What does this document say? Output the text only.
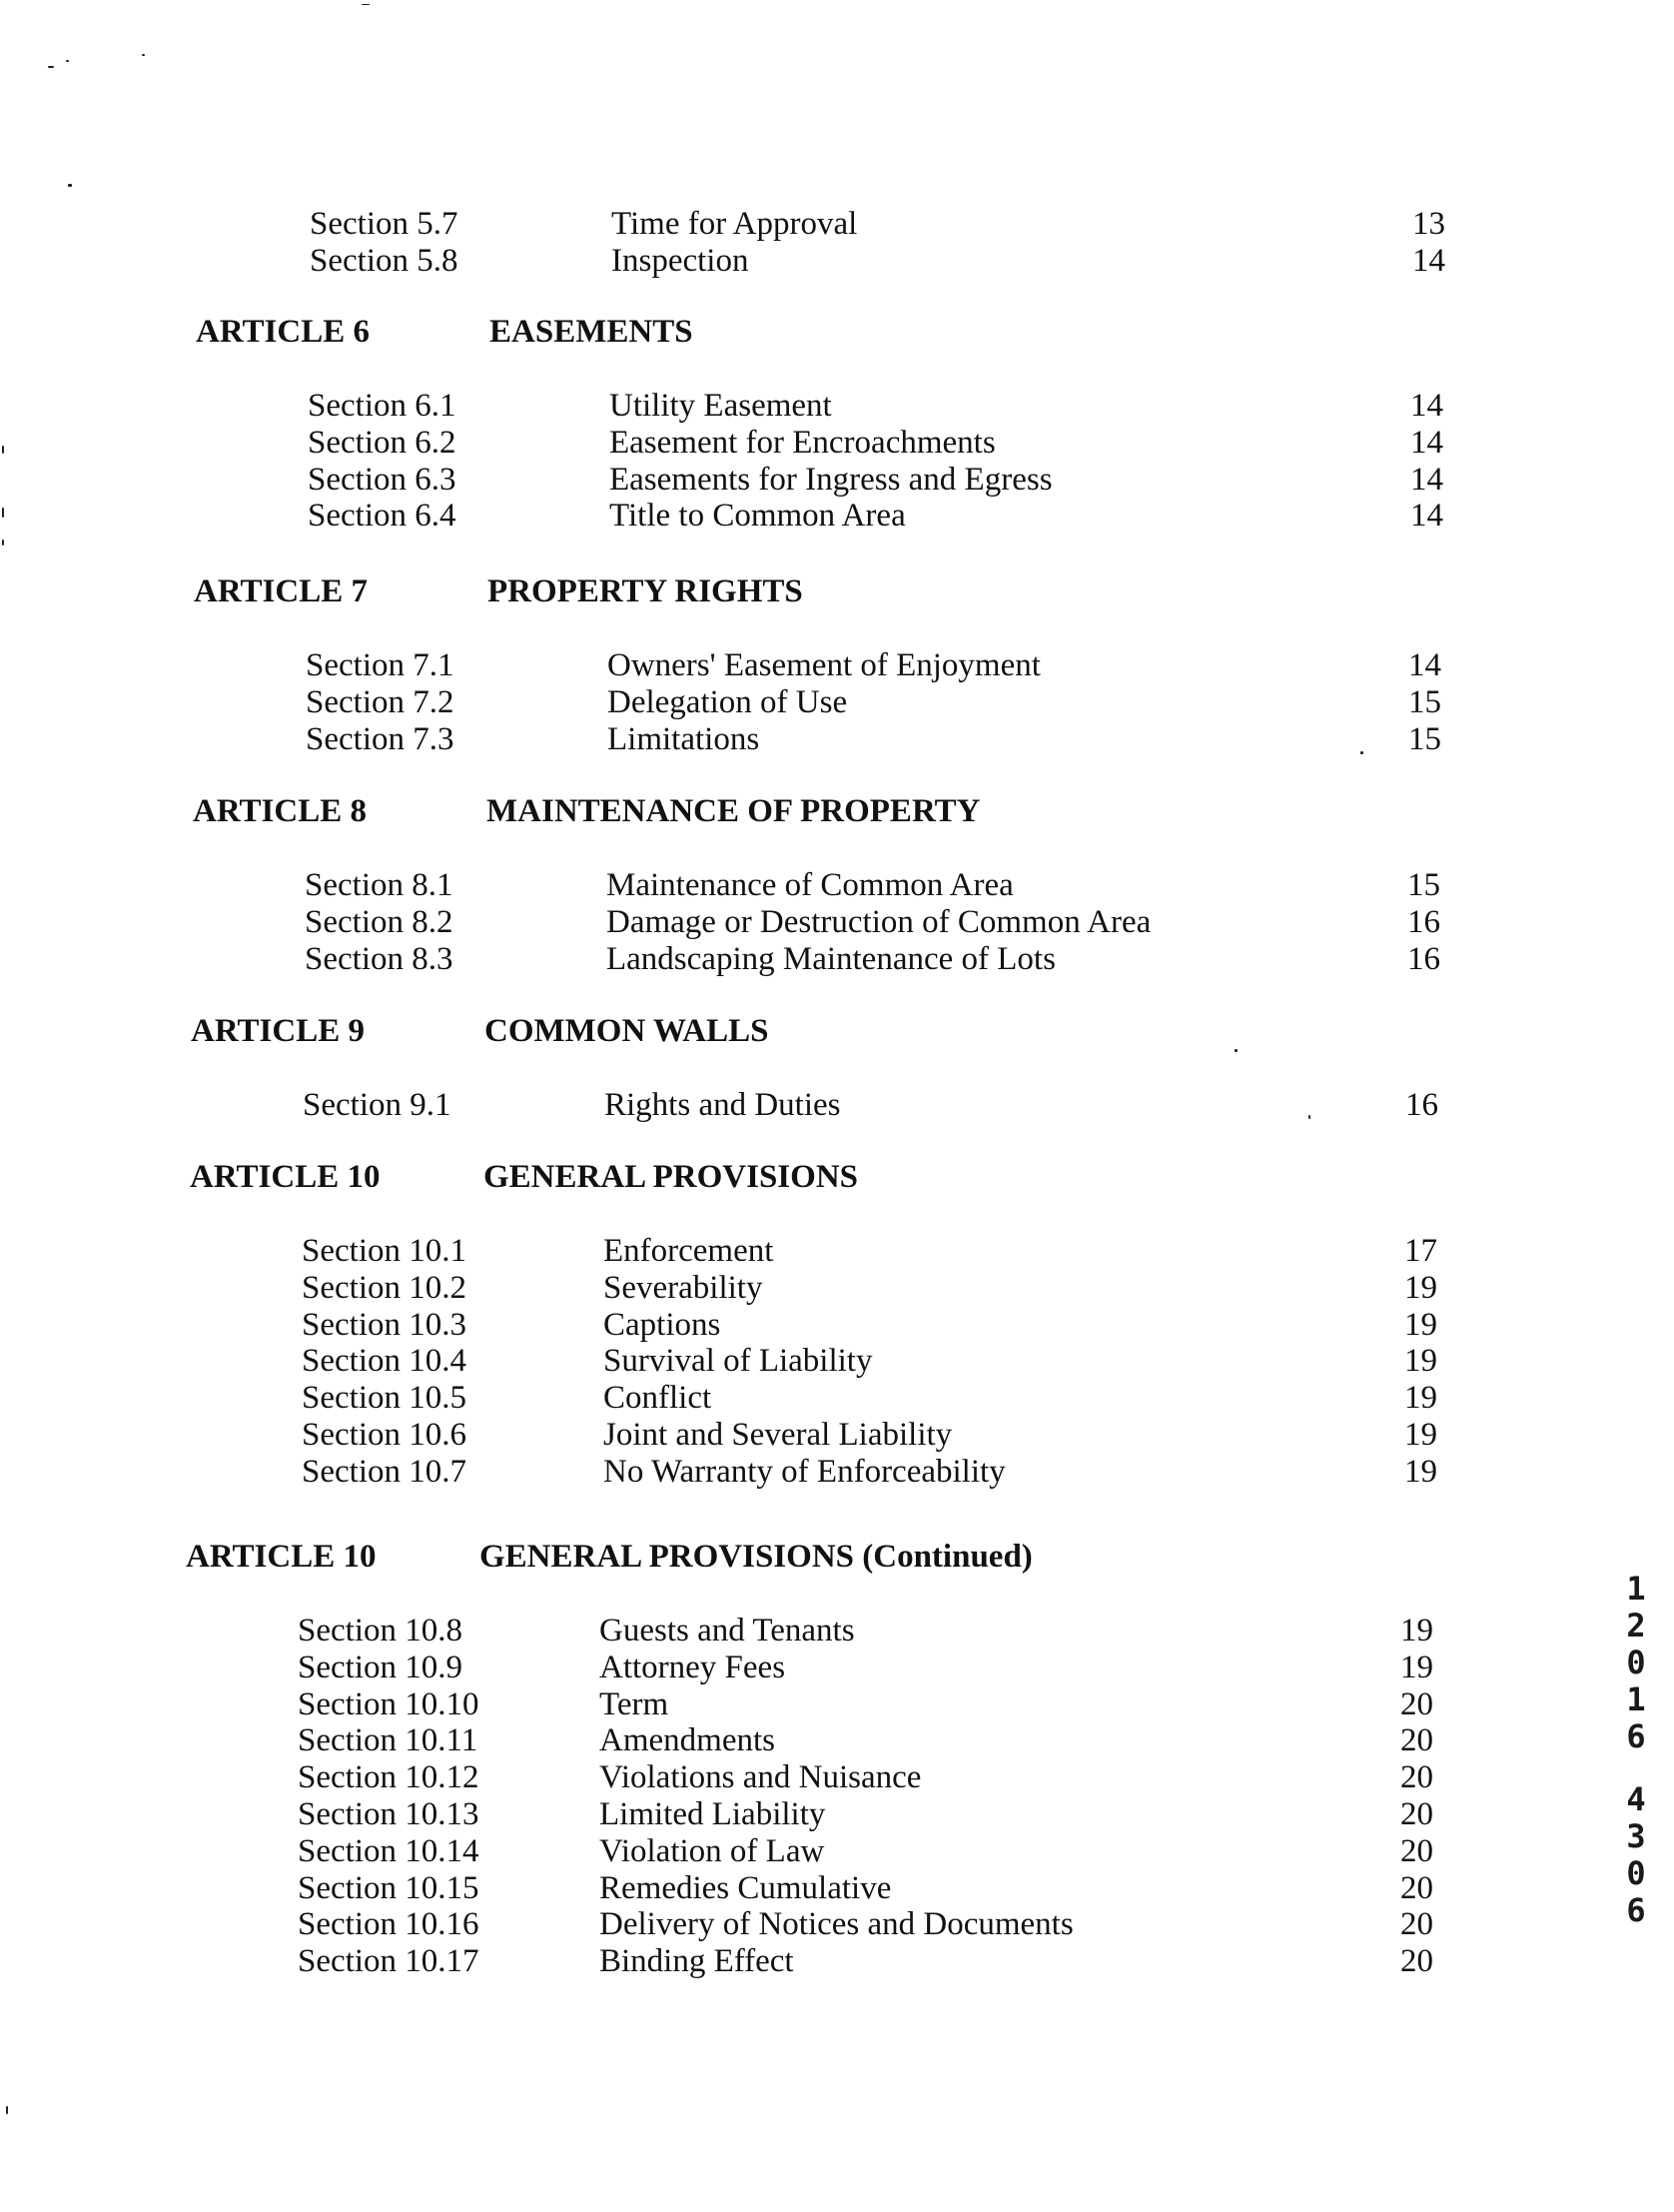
Section 5.7	Time for Approval	13
Section 5.8	Inspection	14
ARTICLE 6	EASEMENTS
Section 6.1	Utility Easement	14
Section 6.2	Easement for Encroachments	14
Section 6.3	Easements for Ingress and Egress	14
Section 6.4	Title to Common Area	14
ARTICLE 7	PROPERTY RIGHTS
Section 7.1	Owners' Easement of Enjoyment	14
Section 7.2	Delegation of Use	15
Section 7.3	Limitations	15
ARTICLE 8	MAINTENANCE OF PROPERTY
Section 8.1	Maintenance of Common Area	15
Section 8.2	Damage or Destruction of Common Area	16
Section 8.3	Landscaping Maintenance of Lots	16
ARTICLE 9	COMMON WALLS
Section 9.1	Rights and Duties	16
ARTICLE 10	GENERAL PROVISIONS
Section 10.1	Enforcement	17
Section 10.2	Severability	19
Section 10.3	Captions	19
Section 10.4	Survival of Liability	19
Section 10.5	Conflict	19
Section 10.6	Joint and Several Liability	19
Section 10.7	No Warranty of Enforceability	19
ARTICLE 10	GENERAL PROVISIONS (Continued)
Section 10.8	Guests and Tenants	19
Section 10.9	Attorney Fees	19
Section 10.10	Term	20
Section 10.11	Amendments	20
Section 10.12	Violations and Nuisance	20
Section 10.13	Limited Liability	20
Section 10.14	Violation of Law	20
Section 10.15	Remedies Cumulative	20
Section 10.16	Delivery of Notices and Documents	20
Section 10.17	Binding Effect	20
1
2
0
1
6
4
3
0
6
